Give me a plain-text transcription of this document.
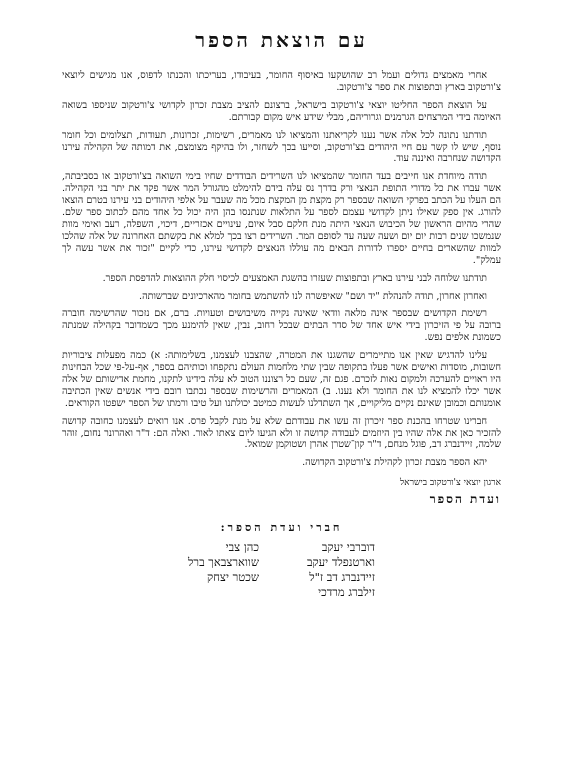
עם הוצאת הספר

אחרי מאמצים גדולים ועמל רב שהושקעו באיסוף החומר, בעיבודו, בעריכתו והכנתו לדפוס, אנו מגישים ליוצאי צ'ורטקוב בארץ ובתפוצות את ספר צ'ורטקוב.

על הוצאת הספר החליטו יוצאי צ'ורטקוב בישראל, ברצונם להציב מצבת זכרון לקדושי צ'ורטקוב שניספו בשואה האיומה בידי המרצחים הגרמנים וגרוריהם, מבלי שידע איש מקום קבורתם.

תודתנו נתונה לכל אלה אשר נענו לקריאתנו והמציאו לנו מאמרים, רשימות, זכרונות, תעודות, תצלומים וכל חומר נוסף, שיש לו קשר עם חיי היהודים בצ'ורטקוב, וסייעו בכך לשחזר, ולו בהיקף מצומצם, את דמותה של הקהילה עירנו הקדושה שנחרבה ואיננה עוד.

תודה מיוחדת אנו חייבים בעד החומר שהמציאו לנו השרידים הבודדים שחיו בימי השואה בצ'ורטקוב או בסביבתה, אשר עברו את כל מדורי התופת הנאצי ורק בדרך נס עלה בידם להימלט מהגורל המר אשר פקד את יתר בני הקהילה. הם העלו על הכתב בפרקי השואה שבספר רק מקצת מן המקצת מכל מה שעבר על אלפי היהודים בני עירנו בטרם הוצאו להורג. אין ספק שאילו ניתן לקדושי עצמם לספר על התלאות שנתנסו בהן היה יכול כל אחד מהם לכתוב ספר שלם. שהרי מהיום הראשון של הכיבוש הנאצי היתה מנת חלקם סבל איום, עינויים אכזריים, דיכוי, השפלה, רעב ואימי מוות שנמשכו שנים רבות יום יום ושעה שעה עד לסופם המר. השרידים רצו בכך למלא את בקשתם האחרונה של אלה שהלכו למוות שהשארים בחיים יספרו לדורות הבאים מה עוללו הנאצים לקדושי עירנו, כדי לקיים "זכור את אשר עשה לך עמלק".

תודתנו שלוחה לבני עירנו בארץ ובתפוצות שעזרו בהשגת האמצעים לכיסוי חלק ההוצאות להדפסת הספר.

ואחרון אחרון, תודה להנהלת "יד ושם" שאיפשרה לנו להשתמש בחומר מהארכיונים שברשותה.

רשימת הקדושים שבספר אינה מלאה וודאי שאינה נקייה משיבושים וטעויות. ברם, אם נזכור שהרשימה חוברה ברובה על פי הזיכרון בידי איש אחד של סדר הבתים שבכל רחוב, נבין, שאין להימנע מכך כשמדובר בקהילה שמנתה כשמונת אלפים נפש.

עלינו להדגיש שאין אנו מתיימרים שהשגנו את המטרה, שהצבנו לעצמנו, בשלימותה: א) כמה מפעלות ציבוריות חשובות, מוסדות ואישים אשר פעלו בתקופה שבין שתי מלחמות העולם נתקפחו וכותיהם בספר, אף-על-פי שכל הבחינות היו ראויים להערכה ולמקום נאות לזכרם. פגם זה, שעם כל רצוננו הטוב לא עלה בידינו לתקנו, מחמת אדישותם של אלה אשר יכלו להמציא לנו את החומר ולא נענו. ב) המאמרים והרשימות שבספר נכתבו רובם בידי אנשים שאין הכתיבה אומנותם וכמובן שאינם נקיים מליקויים, אך השתדלנו לעשות כמיטב יכולתנו ועל טיבו ורמתו של הספר ישפטו הקוראים.

חברינו שטרחו בהכנת ספר זיכרון זה עשו את עבודתם שלא על מנת לקבל פרס. אנו רואים לעצמנו כחובה קדושה להזכיר כאן את אלה שהיו בין היוזמים לעבודה קדושה זו ולא הגיעו ליום צאתו לאור. ואלה הם: ד"ר ואהרונר נחום, זוהר שלמה, זיידנברג דב, פוגל מנחם, ד"ר קון־שטרן אהרן ושטוקמן שמואל.

יהא הספר מצבת זכרון לקהילת צ'ורטקוב הקדושה.

ארגון יוצאי צ'ורטקוב בישראל
ועדת הספר
חברי ועדת הספר:
דוברבי יעקב
וארטנפלד יעקב
זיידנברג דב ז"ל
זילברג מרדכי
כהן צבי
שווארצבאך ברל
שכטר יצחק
